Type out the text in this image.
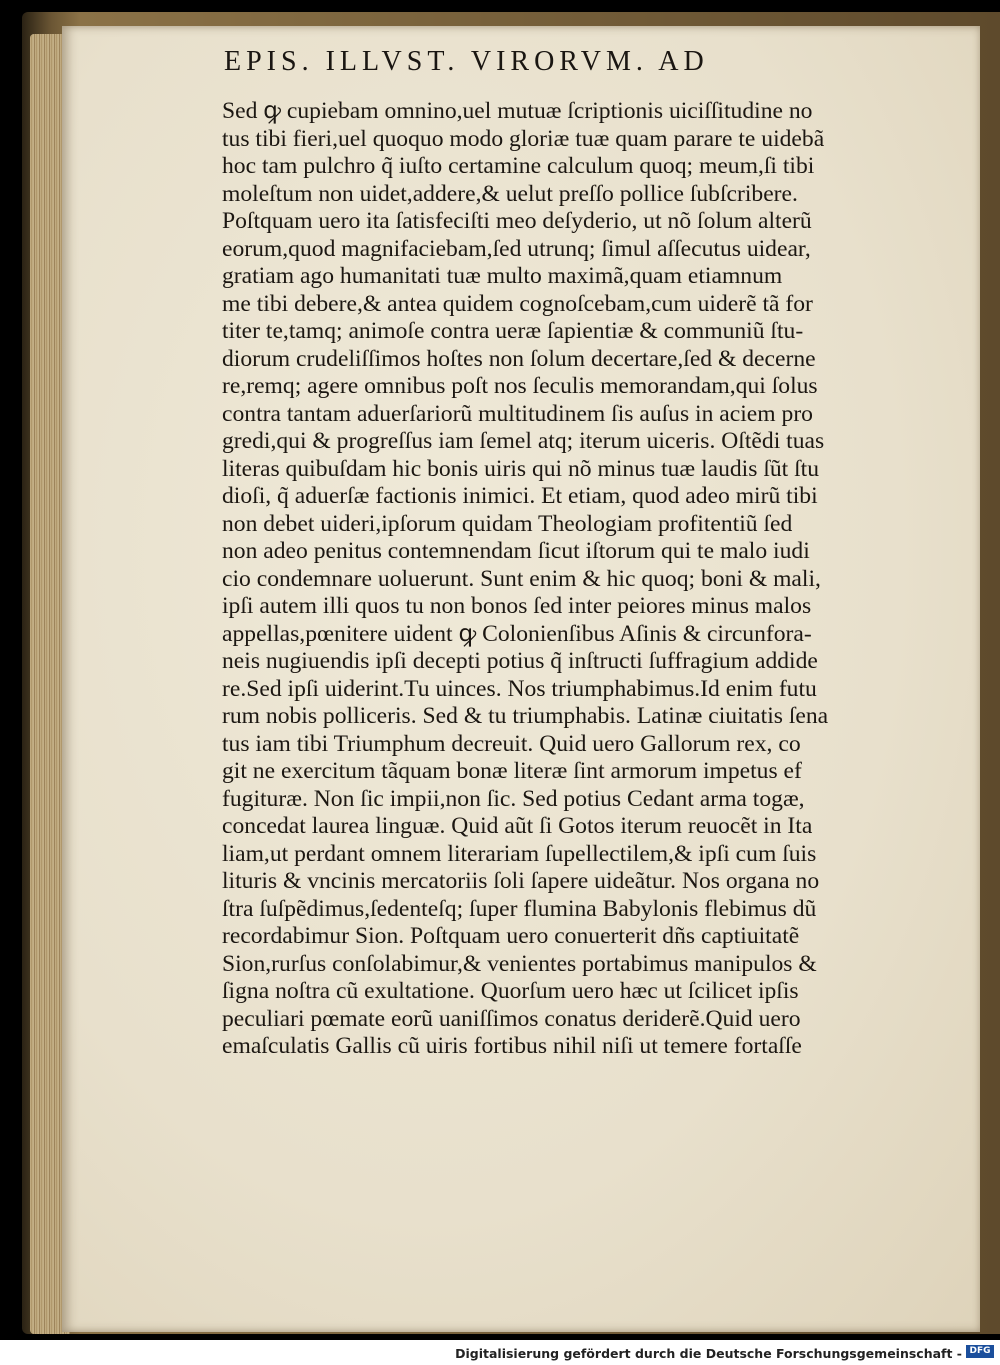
EPIS. ILLVST. VIRORVM. AD
Sed ꝙ cupiebam omnino,uel mutuæ ſcriptionis uiciſſitudine no
tus tibi fieri,uel quoquo modo gloriæ tuæ quam parare te uidebã
hoc tam pulchro q̃ iuſto certamine calculum quoq; meum,ſi tibi
moleſtum non uidet,addere,& uelut preſſo pollice ſubſcribere.
Poſtquam uero ita ſatisfeciſti meo deſyderio, ut nõ ſolum alterũ
eorum,quod magnifaciebam,ſed utrunq; ſimul aſſecutus uidear,
gratiam ago humanitati tuæ multo maximã,quam etiamnum
me tibi debere,& antea quidem cognoſcebam,cum uiderẽ tã for
titer te,tamq; animoſe contra ueræ ſapientiæ & communiũ ſtu-
diorum crudeliſſimos hoſtes non ſolum decertare,ſed & decerne
re,remq; agere omnibus poſt nos ſeculis memorandam,qui ſolus
contra tantam aduerſariorũ multitudinem ſis auſus in aciem pro
gredi,qui & progreſſus iam ſemel atq; iterum uiceris. Oſtẽdi tuas
literas quibuſdam hic bonis uiris qui nõ minus tuæ laudis ſũt ſtu
dioſi, q̃ aduerſæ factionis inimici. Et etiam, quod adeo mirũ tibi
non debet uideri,ipſorum quidam Theologiam profitentiũ ſed
non adeo penitus contemnendam ſicut iſtorum qui te malo iudi
cio condemnare uoluerunt. Sunt enim & hic quoq; boni & mali,
ipſi autem illi quos tu non bonos ſed inter peiores minus malos
appellas,pœnitere uident ꝙ Colonienſibus Aſinis & circunfora-
neis nugiuendis ipſi decepti potius q̃ inſtructi ſuffragium addide
re.Sed ipſi uiderint.Tu uinces. Nos triumphabimus.Id enim futu
rum nobis polliceris. Sed & tu triumphabis. Latinæ ciuitatis ſena
tus iam tibi Triumphum decreuit. Quid uero Gallorum rex, co
git ne exercitum tãquam bonæ literæ ſint armorum impetus ef
fugituræ. Non ſic impii,non ſic. Sed potius Cedant arma togæ,
concedat laurea linguæ. Quid aũt ſi Gotos iterum reuocẽt in Ita
liam,ut perdant omnem literariam ſupellectilem,& ipſi cum ſuis
lituris & vncinis mercatoriis ſoli ſapere uideãtur. Nos organa no
ſtra ſuſpẽdimus,ſedenteſq; ſuper flumina Babylonis flebimus dũ
recordabimur Sion. Poſtquam uero conuerterit dñs captiuitatẽ
Sion,rurſus conſolabimur,& venientes portabimus manipulos &
ſigna noſtra cũ exultatione. Quorſum uero hæc ut ſcilicet ipſis
peculiari pœmate eorũ uaniſſimos conatus deriderẽ.Quid uero
emaſculatis Gallis cũ uiris fortibus nihil niſi ut temere fortaſſe
Digitalisierung gefördert durch die Deutsche Forschungsgemeinschaft - DFG
